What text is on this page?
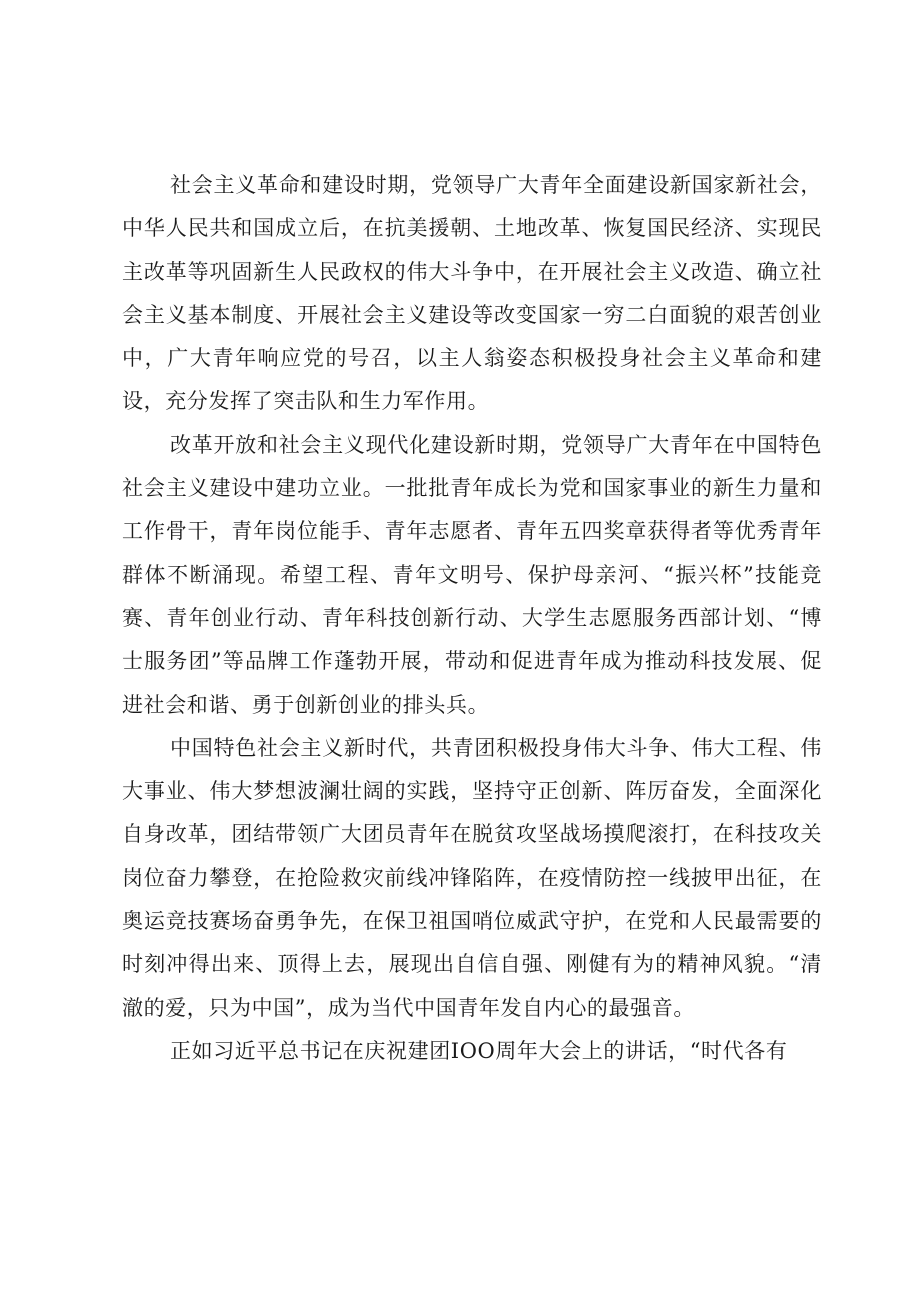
社会主义革命和建设时期，党领导广大青年全面建设新国家新社会，中华人民共和国成立后，在抗美援朝、土地改革、恢复国民经济、实现民主改革等巩固新生人民政权的伟大斗争中，在开展社会主义改造、确立社会主义基本制度、开展社会主义建设等改变国家一穷二白面貌的艰苦创业中，广大青年响应党的号召，以主人翁姿态积极投身社会主义革命和建设，充分发挥了突击队和生力军作用。

改革开放和社会主义现代化建设新时期，党领导广大青年在中国特色社会主义建设中建功立业。一批批青年成长为党和国家事业的新生力量和工作骨干，青年岗位能手、青年志愿者、青年五四奖章获得者等优秀青年群体不断涌现。希望工程、青年文明号、保护母亲河、“振兴杯”技能竞赛、青年创业行动、青年科技创新行动、大学生志愿服务西部计划、“博士服务团”等品牌工作蓬勃开展，带动和促进青年成为推动科技发展、促进社会和谐、勇于创新创业的排头兵。

中国特色社会主义新时代，共青团积极投身伟大斗争、伟大工程、伟大事业、伟大梦想波澜壮阔的实践，坚持守正创新、阵厉奋发，全面深化自身改革，团结带领广大团员青年在脱贫攻坚战场摸爬滚打，在科技攻关岗位奋力攀登，在抢险救灾前线冲锋陷阵，在疫情防控一线披甲出征，在奥运竞技赛场奋勇争先，在保卫祖国哨位威武守护，在党和人民最需要的时刻冲得出来、顶得上去，展现出自信自强、刚健有为的精神风貌。“清澈的爱，只为中国”，成为当代中国青年发自内心的最强音。

正如习近平总书记在庆祝建团IOO周年大会上的讲话，“时代各有
